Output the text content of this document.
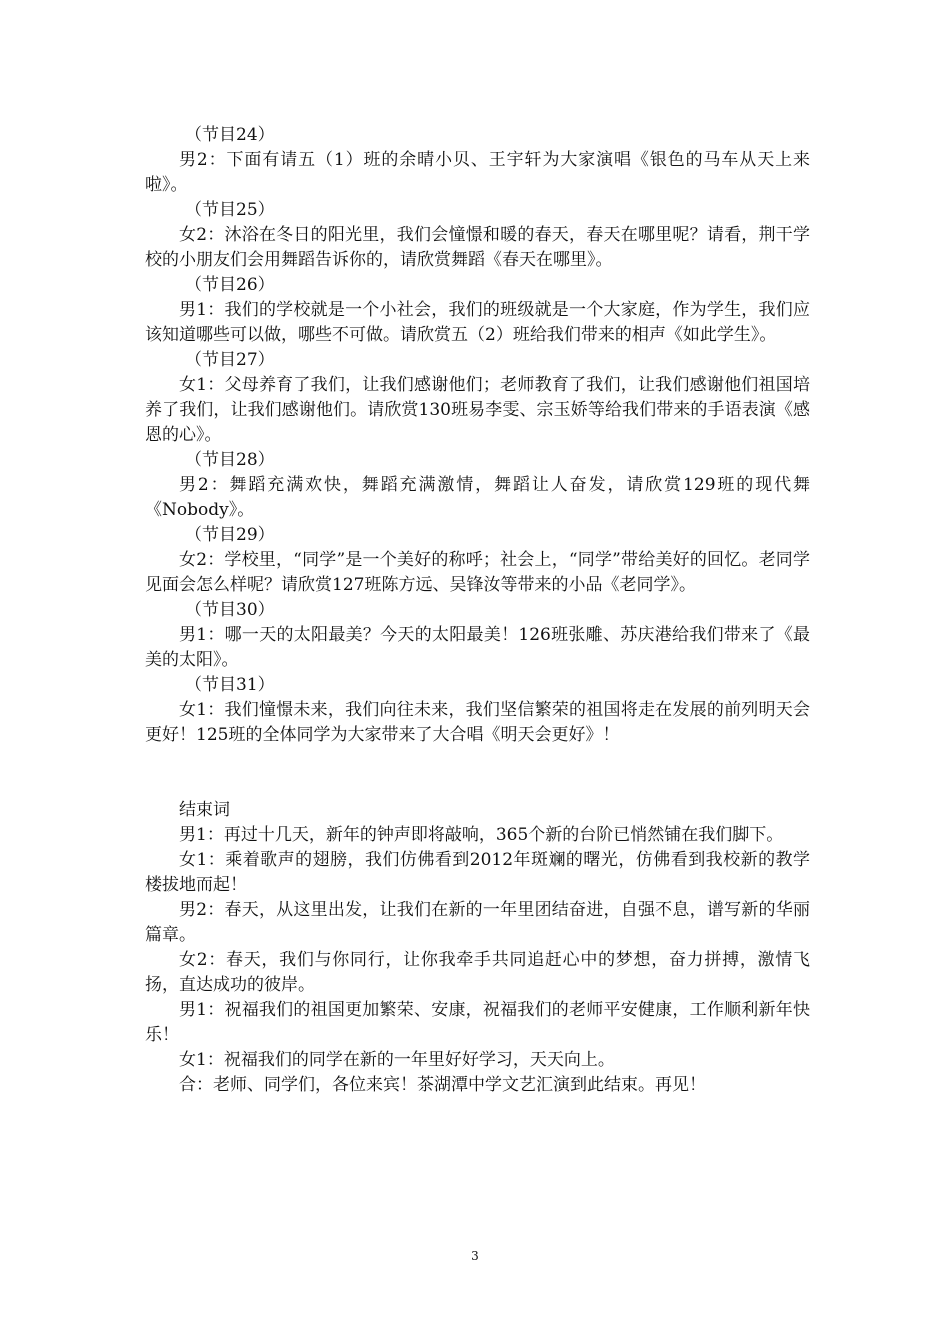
（节目24）

男2：下面有请五（1）班的余晴小贝、王宇轩为大家演唱《银色的马车从天上来啦》。

（节目25）

女2：沐浴在冬日的阳光里，我们会憧憬和暖的春天，春天在哪里呢？请看，荆干学校的小朋友们会用舞蹈告诉你的，请欣赏舞蹈《春天在哪里》。

（节目26）

男1：我们的学校就是一个小社会，我们的班级就是一个大家庭，作为学生，我们应该知道哪些可以做，哪些不可做。请欣赏五（2）班给我们带来的相声《如此学生》。

（节目27）

女1：父母养育了我们，让我们感谢他们；老师教育了我们，让我们感谢他们祖国培养了我们，让我们感谢他们。请欣赏130班易李雯、宗玉娇等给我们带来的手语表演《感恩的心》。

（节目28）

男2：舞蹈充满欢快，舞蹈充满激情，舞蹈让人奋发，请欣赏129班的现代舞《Nobody》。

（节目29）

女2：学校里，“同学”是一个美好的称呼；社会上，“同学”带给美好的回忆。老同学见面会怎么样呢？请欣赏127班陈方远、吴锋汝等带来的小品《老同学》。

（节目30）

男1：哪一天的太阳最美？今天的太阳最美！126班张雕、苏庆港给我们带来了《最美的太阳》。

（节目31）

女1：我们憧憬未来，我们向往未来，我们坚信繁荣的祖国将走在发展的前列明天会更好！125班的全体同学为大家带来了大合唱《明天会更好》！

结束词

男1：再过十几天，新年的钟声即将敲响，365个新的台阶已悄然铺在我们脚下。

女1：乘着歌声的翅膀，我们仿佛看到2012年斑斓的曙光，仿佛看到我校新的教学楼拔地而起！

男2：春天，从这里出发，让我们在新的一年里团结奋进，自强不息，谱写新的华丽篇章。

女2：春天，我们与你同行，让你我牵手共同追赶心中的梦想，奋力拼搏，激情飞扬，直达成功的彼岸。

男1：祝福我们的祖国更加繁荣、安康，祝福我们的老师平安健康，工作顺利新年快乐！

女1：祝福我们的同学在新的一年里好好学习，天天向上。

合：老师、同学们，各位来宾！茶湖潭中学文艺汇演到此结束。再见！

3
